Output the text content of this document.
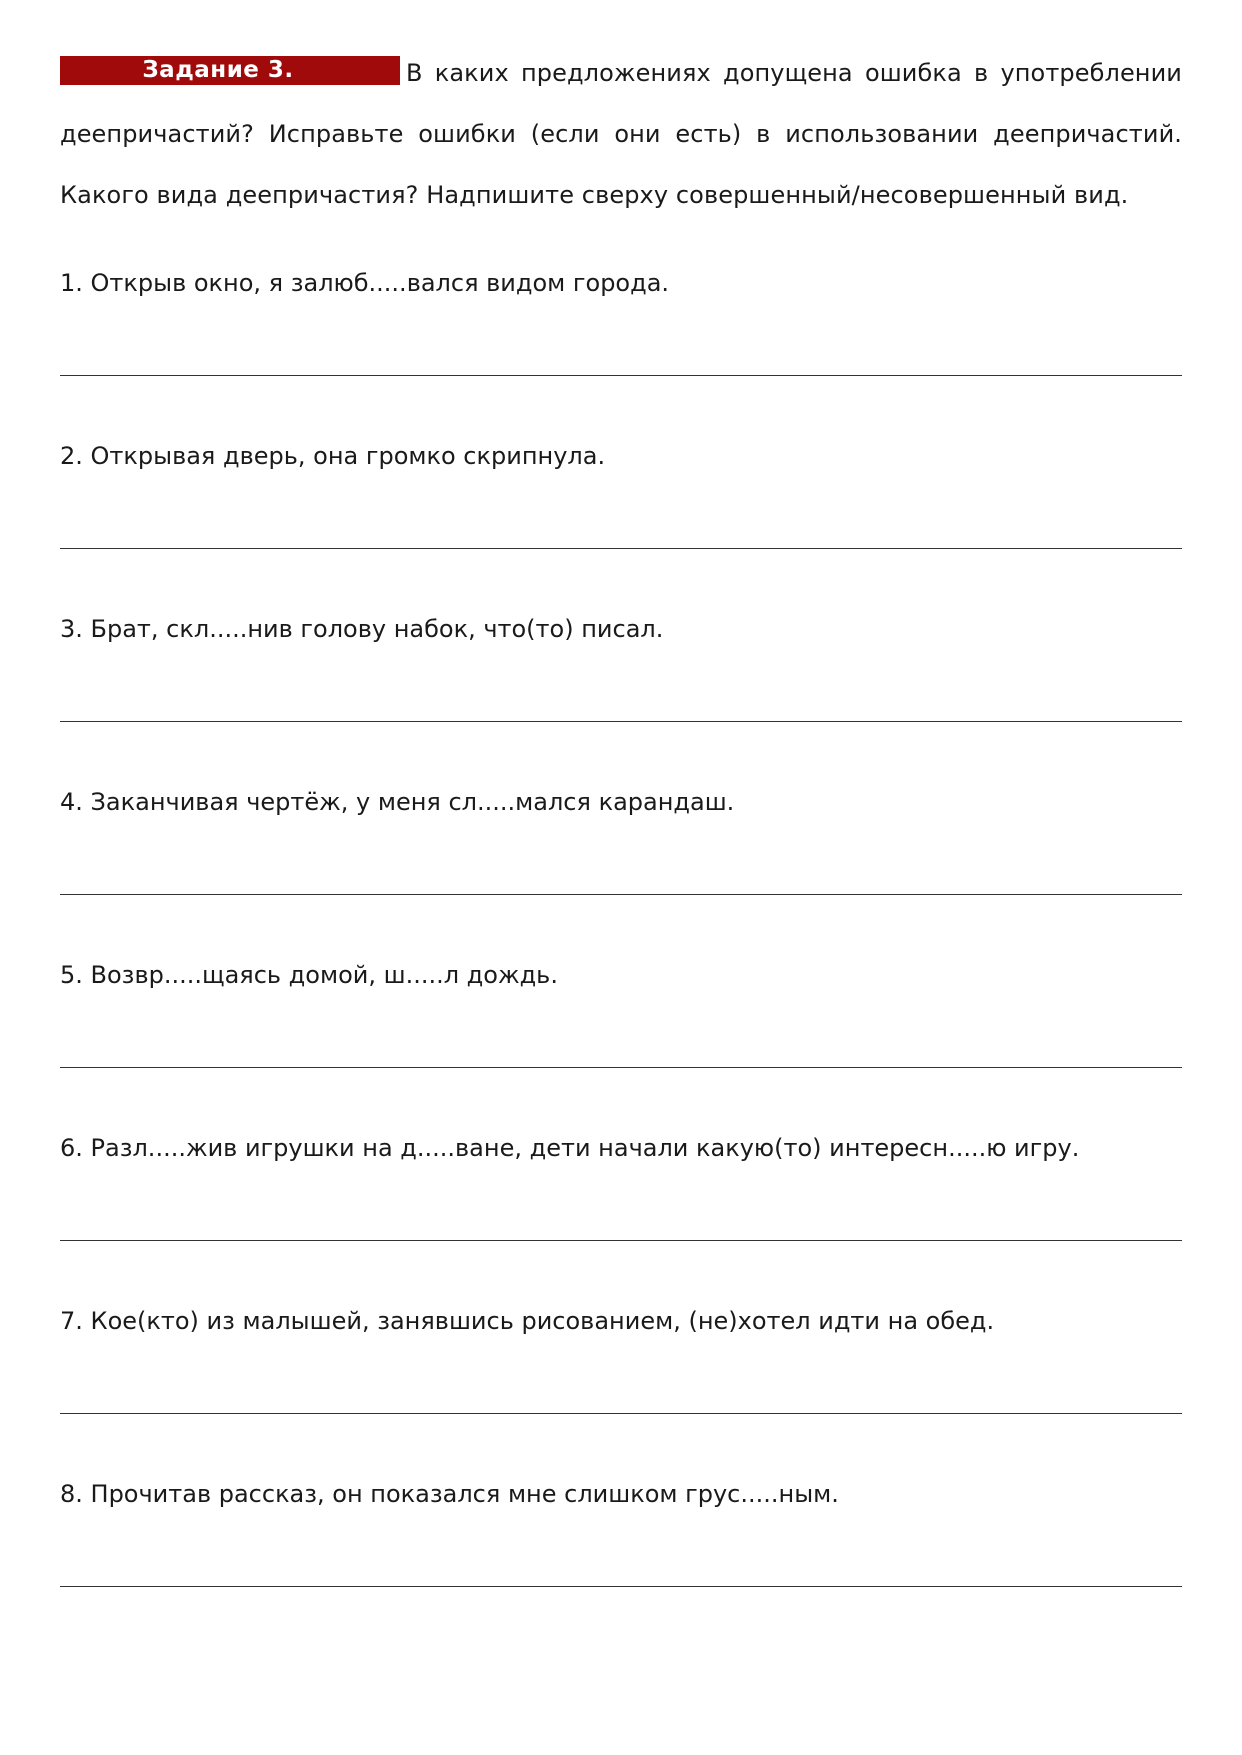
Задание 3.	В каких предложениях допущена ошибка в употреблении деепричастий? Исправьте ошибки (если они есть) в использовании деепричастий. Какого вида деепричастия? Надпишите сверху совершенный/несовершенный вид.
1. Открыв окно, я залюб.....вался видом города.
2. Открывая дверь, она громко скрипнула.
3. Брат, скл.....нив голову набок, что(то) писал.
4. Заканчивая чертёж, у меня сл.....мался карандаш.
5. Возвр.....щаясь домой, ш.....л дождь.
6. Разл.....жив игрушки на д.....ване, дети начали какую(то) интересн.....ю игру.
7. Кое(кто) из малышей, занявшись рисованием, (не)хотел идти на обед.
8. Прочитав рассказ, он показался мне слишком грус.....ным.
